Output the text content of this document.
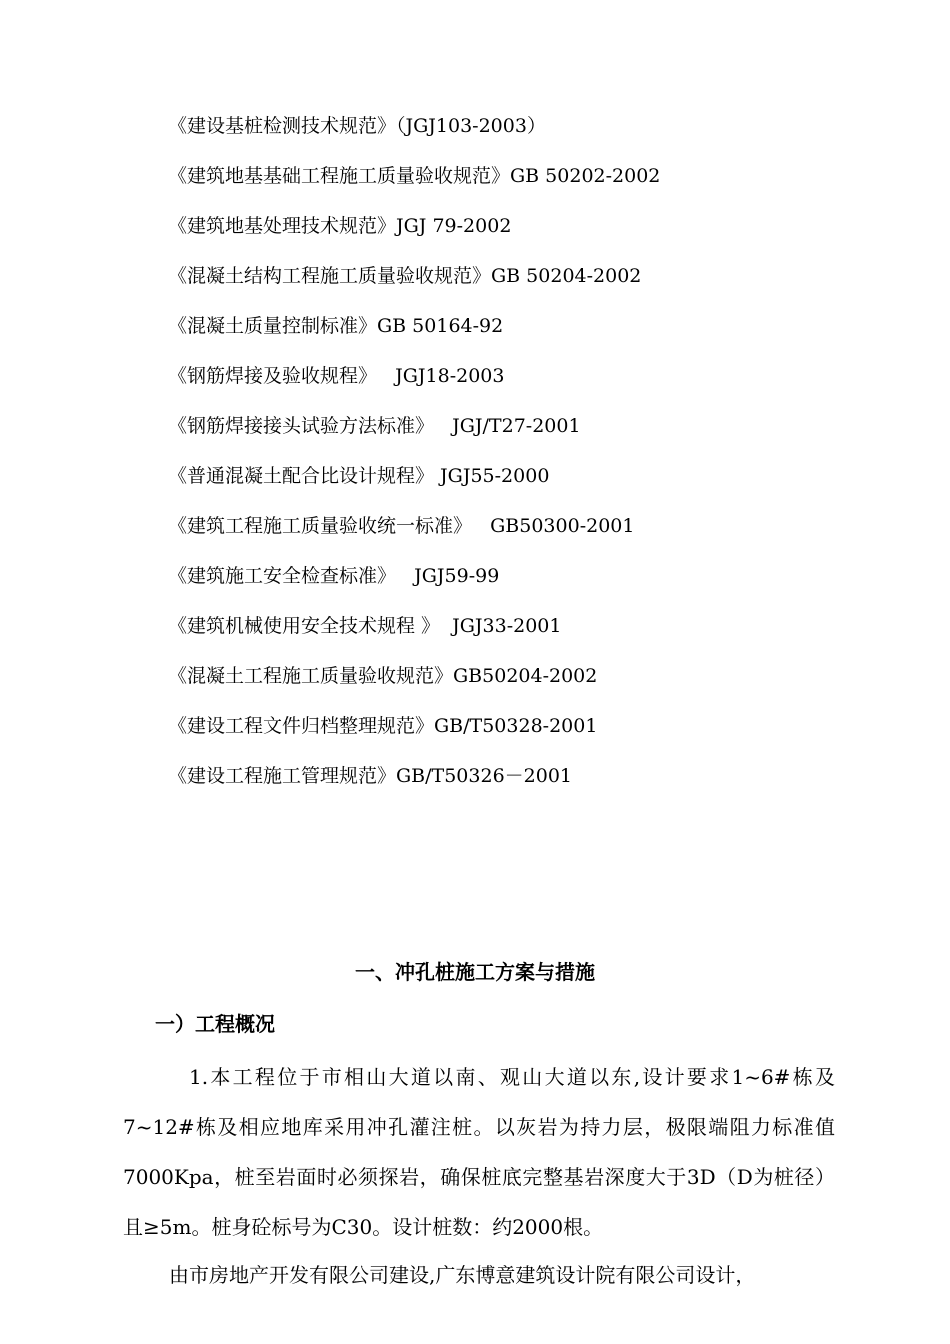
《建设基桩检测技术规范》（JGJ103-2003）
《建筑地基基础工程施工质量验收规范》GB 50202-2002
《建筑地基处理技术规范》JGJ 79-2002
《混凝土结构工程施工质量验收规范》GB 50204-2002
《混凝土质量控制标准》GB 50164-92
《钢筋焊接及验收规程》   JGJ18-2003
《钢筋焊接接头试验方法标准》   JGJ/T27-2001
《普通混凝土配合比设计规程》 JGJ55-2000
《建筑工程施工质量验收统一标准》   GB50300-2001
《建筑施工安全检查标准》   JGJ59-99
《建筑机械使用安全技术规程 》  JGJ33-2001
《混凝土工程施工质量验收规范》GB50204-2002
《建设工程文件归档整理规范》GB/T50328-2001
《建设工程施工管理规范》GB/T50326－2001
一、冲孔桩施工方案与措施
一）工程概况

1.本工程位于市相山大道以南、观山大道以东,设计要求1~6#栋及7~12#栋及相应地库采用冲孔灌注桩。以灰岩为持力层，极限端阻力标准值7000Kpa，桩至岩面时必须探岩，确保桩底完整基岩深度大于3D（D为桩径）且≥5m。桩身砼标号为C30。设计桩数：约2000根。

由市房地产开发有限公司建设,广东博意建筑设计院有限公司设计，
